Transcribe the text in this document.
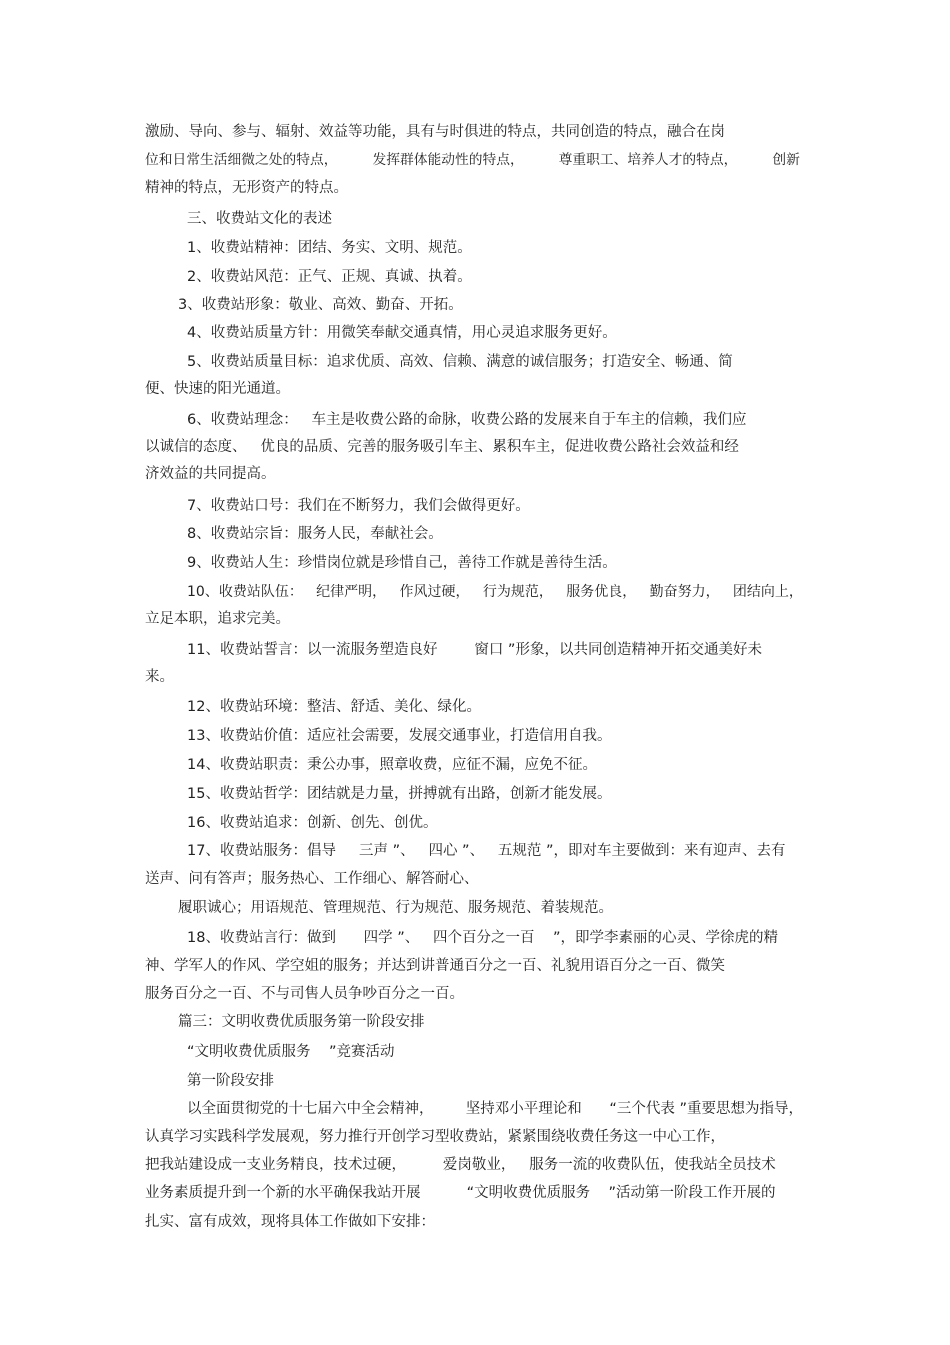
激励、导向、参与、辐射、效益等功能，具有与时俱进的特点，共同创造的特点，融合在岗
位和日常生活细微之处的特点，        发挥群体能动性的特点，        尊重职工、培养人才的特点，        创新
精神的特点，无形资产的特点。
三、收费站文化的表述
1、收费站精神：团结、务实、文明、规范。
2、收费站风范：正气、正规、真诚、执着。
3、收费站形象：敬业、高效、勤奋、开拓。
4、收费站质量方针：用微笑奉献交通真情，用心灵追求服务更好。
5、收费站质量目标：追求优质、高效、信赖、满意的诚信服务；打造安全、畅通、简
便、快速的阳光通道。
6、收费站理念：   车主是收费公路的命脉，收费公路的发展来自于车主的信赖，我们应
以诚信的态度、   优良的品质、完善的服务吸引车主、累积车主，促进收费公路社会效益和经
济效益的共同提高。
7、收费站口号：我们在不断努力，我们会做得更好。
8、收费站宗旨：服务人民，奉献社会。
9、收费站人生：珍惜岗位就是珍惜自己，善待工作就是善待生活。
10、收费站队伍：   纪律严明，   作风过硬，   行为规范，   服务优良，   勤奋努力，   团结向上，
立足本职，追求完美。
11、收费站誓言：以一流服务塑造良好        窗口 ”形象，以共同创造精神开拓交通美好未
来。
12、收费站环境：整洁、舒适、美化、绿化。
13、收费站价值：适应社会需要，发展交通事业，打造信用自我。
14、收费站职责：秉公办事，照章收费，应征不漏，应免不征。
15、收费站哲学：团结就是力量，拼搏就有出路，创新才能发展。
16、收费站追求：创新、创先、创优。
17、收费站服务：倡导     三声 ”、   四心 ”、   五规范 ”，即对车主要做到：来有迎声、去有
送声、问有答声；服务热心、工作细心、解答耐心、
履职诚心；用语规范、管理规范、行为规范、服务规范、着装规范。
18、收费站言行：做到      四学 ”、   四个百分之一百    ”，即学李素丽的心灵、学徐虎的精
神、学军人的作风、学空姐的服务；并达到讲普通百分之一百、礼貌用语百分之一百、微笑
服务百分之一百、不与司售人员争吵百分之一百。
篇三：文明收费优质服务第一阶段安排
“文明收费优质服务    ”竞赛活动
第一阶段安排
以全面贯彻党的十七届六中全会精神，       坚持邓小平理论和      “三个代表 ”重要思想为指导，
认真学习实践科学发展观，努力推行开创学习型收费站，紧紧围绕收费任务这一中心工作，
把我站建设成一支业务精良，技术过硬，        爱岗敬业，   服务一流的收费队伍，使我站全员技术
业务素质提升到一个新的水平确保我站开展          “文明收费优质服务    ”活动第一阶段工作开展的
扎实、富有成效，现将具体工作做如下安排：
